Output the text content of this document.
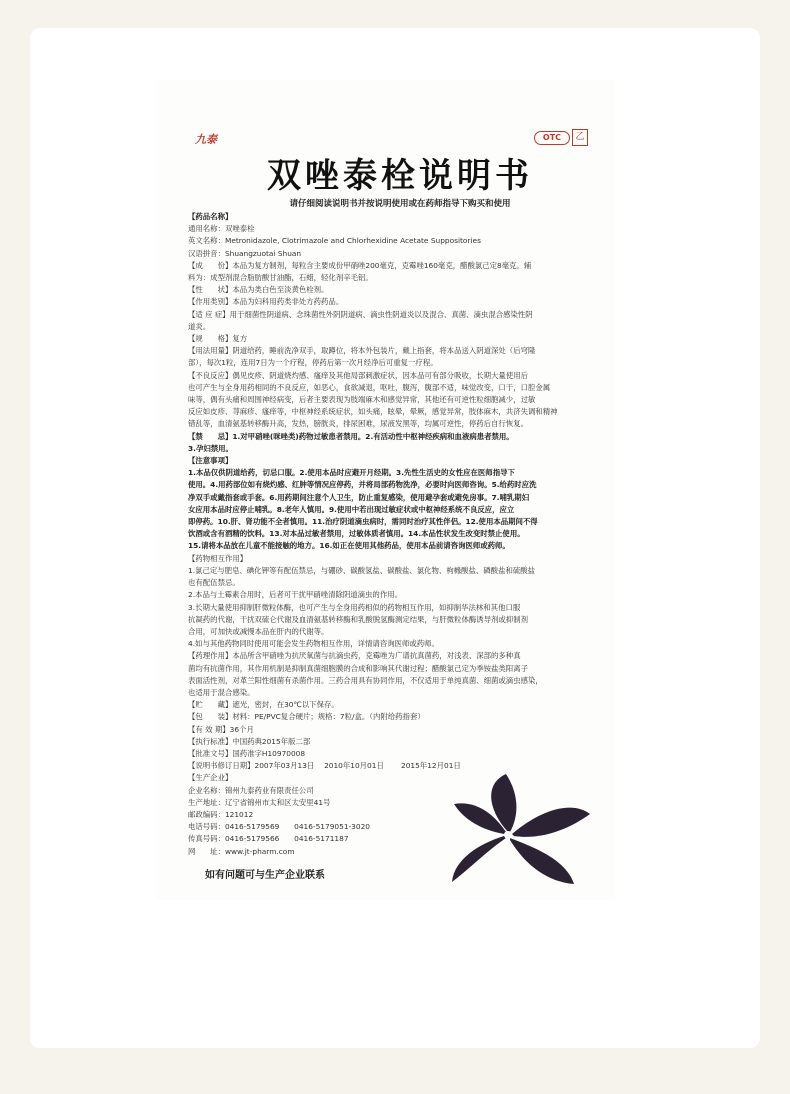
九泰	OTC	乙
双唑泰栓说明书
请仔细阅读说明书并按说明使用或在药师指导下购买和使用
【药品名称】
通用名称：双唑泰栓
英文名称：Metronidazole, Clotrimazole and Chlorhexidine Acetate Suppositories
汉语拼音：Shuangzuotai Shuan
【成　　份】本品为复方制剂，每粒含主要成份甲硝唑200毫克，克霉唑160毫克，醋酸氯己定8毫克。辅
料为：成型剂混合脂肪酸甘油酯，石蜡，轻化剂辛毛铝。
【性　　状】本品为类白色至淡黄色栓剂。
【作用类别】本品为妇科用药类非处方药药品。
【适 应 症】用于细菌性阴道病、念珠菌性外阴阴道病、滴虫性阴道炎以及混合、真菌、滴虫混合感染性阴
道炎。
【规　　格】复方
【用法用量】阴道给药，睡前洗净双手，取蹲位，将本外包装片，戴上指套，将本品送入阴道深处（后穹隆
部），每次1粒，连用7日为一个疗程，停药后第一次月经净后可重复一疗程。
【不良反应】偶见皮疹、阴道烧灼感、瘙痒及其他局部刺激症状，因本品可有部分吸收，长期大量使用后
也可产生与全身用药相同的不良反应，如恶心，食欲减退，呕吐，腹泻，腹部不适，味觉改变，口干，口腔金属
味等，偶有头痛和周围神经病变，后者主要表现为肢端麻木和感觉异常，其他还有可逆性粒细胞减少，过敏
反应如皮疹、荨麻疹、瘙痒等，中枢神经系统症状，如头痛，眩晕，晕厥，感觉异常，肢体麻木，共济失调和精神
错乱等，血清氨基转移酶升高，发热，膀胱炎，排尿困难，尿液发黑等，均属可逆性，停药后自行恢复。
【禁　　忌】1.对甲硝唑(咪唑类)药物过敏患者禁用。2.有活动性中枢神经疾病和血液病患者禁用。
3.孕妇禁用。
【注意事项】
1.本品仅供阴道给药，切忌口服。2.使用本品时应避开月经期。3.先性生活史的女性应在医师指导下
使用。4.用药部位如有烧灼感、红肿等情况应停药，并将局部药物洗净，必要时向医师咨询。5.给药时应洗
净双手或戴指套或手套。6.用药期间注意个人卫生，防止重复感染，使用避孕套或避免房事。7.哺乳期妇
女应用本品时应停止哺乳。8.老年人慎用。9.使用中若出现过敏症状或中枢神经系统不良反应，应立
即停药。10.肝、肾功能不全者慎用。11.治疗阴道滴虫病时，需同时治疗其性伴侣。12.使用本品期间不得
饮酒或含有酒精的饮料。13.对本品过敏者禁用，过敏体质者慎用。14.本品性状发生改变时禁止使用。
15.请将本品放在儿童不能接触的地方。16.如正在使用其他药品，使用本品前请咨询医师或药师。
【药物相互作用】
1.氯己定与肥皂、碘化钾等有配伍禁忌，与硼砂、碳酸氢盐、碳酸盐、氯化物、枸橼酸盐、磷酸盐和硫酸盐
也有配伍禁忌。
2.本品与土霉素合用时，后者可干扰甲硝唑清除阴道滴虫的作用。
3.长期大量使用抑制肝微粒体酶，也可产生与全身用药相似的药物相互作用，如抑制华法林和其他口服
抗凝药的代谢，干扰双硫仑代谢及血清氨基转移酶和乳酸脱氢酶测定结果，与肝微粒体酶诱导剂或抑制剂
合用，可加快或减慢本品在肝内的代谢等。
4.如与其他药物同时使用可能会发生药物相互作用，详情请咨询医师或药师。
【药理作用】本品所含甲硝唑为抗厌氧菌与抗滴虫药，克霉唑为广谱抗真菌药，对浅表、深部的多种真
菌均有抗菌作用，其作用机制是抑制真菌细胞膜的合成和影响其代谢过程；醋酸氯己定为季铵盐类阳离子
表面活性剂，对革兰阳性细菌有杀菌作用。三药合用具有协同作用，不仅适用于单纯真菌、细菌或滴虫感染，
也适用于混合感染。
【贮　　藏】遮光，密封，在30℃以下保存。
【包　　装】材料：PE/PVC复合硬片；规格：7粒/盒。（内附给药指套）
【有 效 期】36个月
【执行标准】中国药典2015年版二部
【批准文号】国药准字H10970008
【说明书修订日期】2007年03月13日　 2010年10月01日　　 2015年12月01日
【生产企业】
企业名称：锦州九泰药业有限责任公司
生产地址：辽宁省锦州市太和区太安里41号
邮政编码：121012
电话号码：0416-5179569　　0416-5179051-3020
传真号码：0416-5179566　　0416-5171187
网　　址：www.jt-pharm.com
如有问题可与生产企业联系
